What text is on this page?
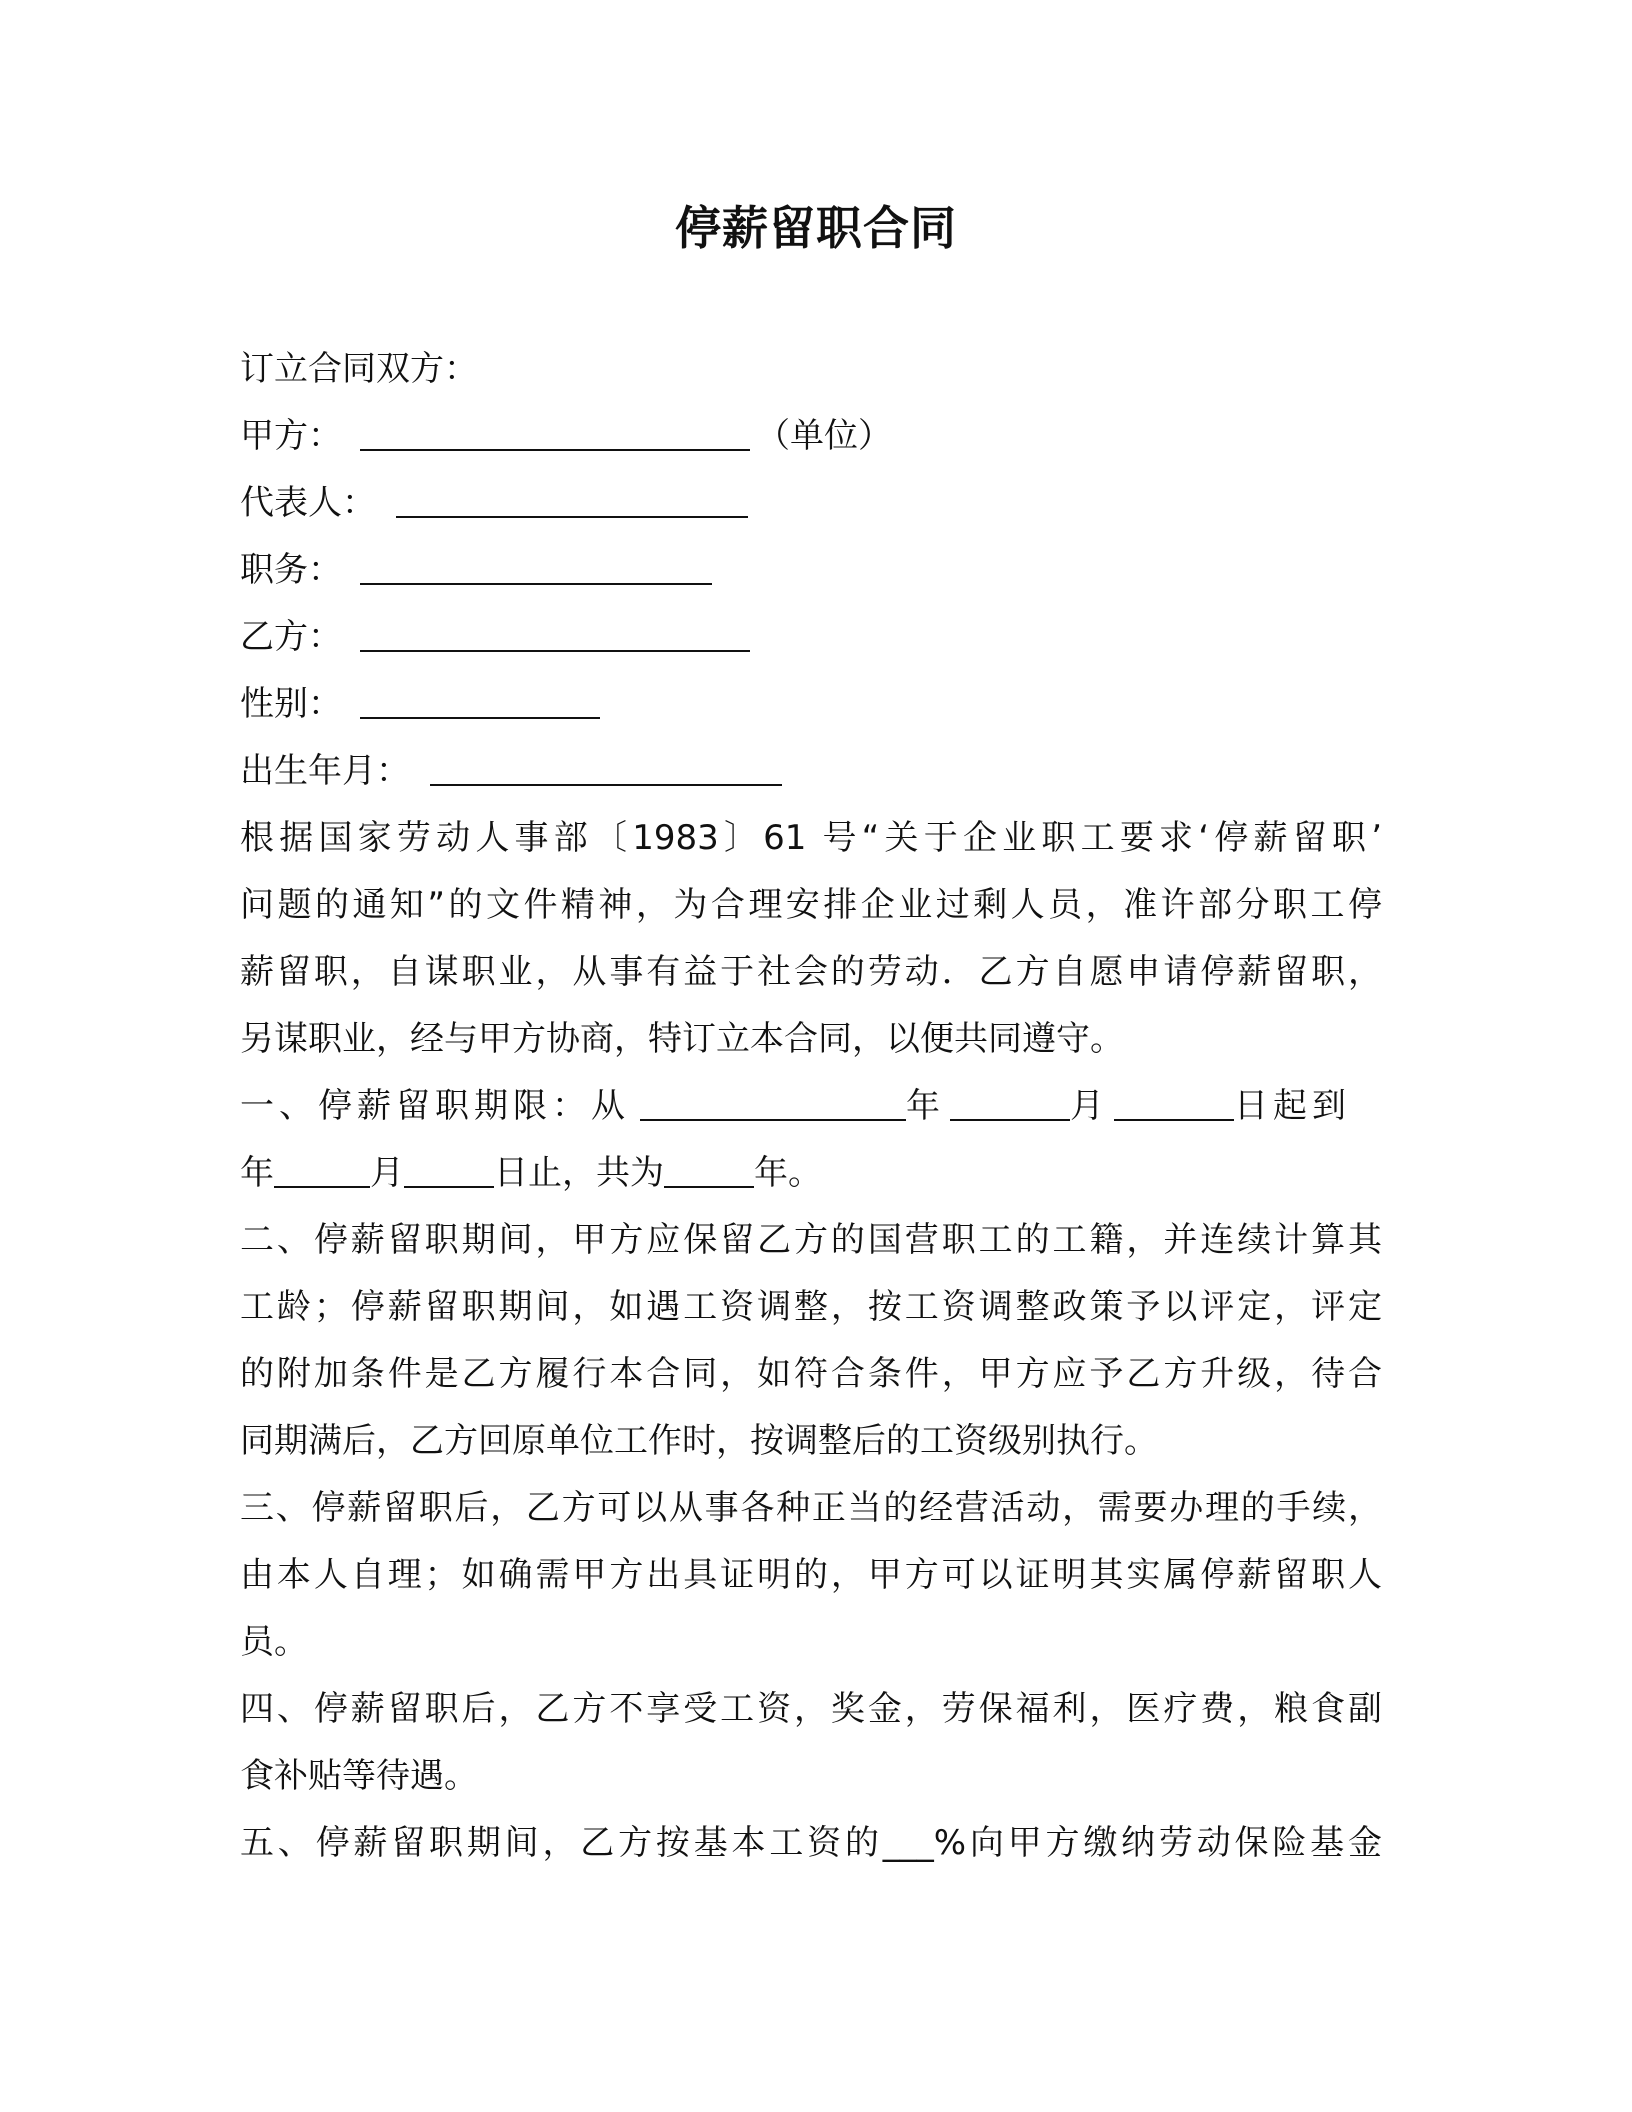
停薪留职合同
订立合同双方：
甲方：	（单位）
代表人：
职务：
乙方：
性别：
出生年月：
根据国家劳动人事部〔1983〕61 号“关于企业职工要求‘停薪留职’
问题的通知”的文件精神，为合理安排企业过剩人员，准许部分职工停
薪留职，自谋职业，从事有益于社会的劳动．乙方自愿申请停薪留职，
另谋职业，经与甲方协商，特订立本合同，以便共同遵守。
一、停薪留职期限：从	年	月	日起到
年	月	日止，共为	年。
二、停薪留职期间，甲方应保留乙方的国营职工的工籍，并连续计算其
工龄；停薪留职期间，如遇工资调整，按工资调整政策予以评定，评定
的附加条件是乙方履行本合同，如符合条件，甲方应予乙方升级，待合
同期满后，乙方回原单位工作时，按调整后的工资级别执行。
三、停薪留职后，乙方可以从事各种正当的经营活动，需要办理的手续，
由本人自理；如确需甲方出具证明的，甲方可以证明其实属停薪留职人
员。
四、停薪留职后，乙方不享受工资，奖金，劳保福利，医疗费，粮食副
食补贴等待遇。
五、停薪留职期间，乙方按基本工资的___%向甲方缴纳劳动保险基金
